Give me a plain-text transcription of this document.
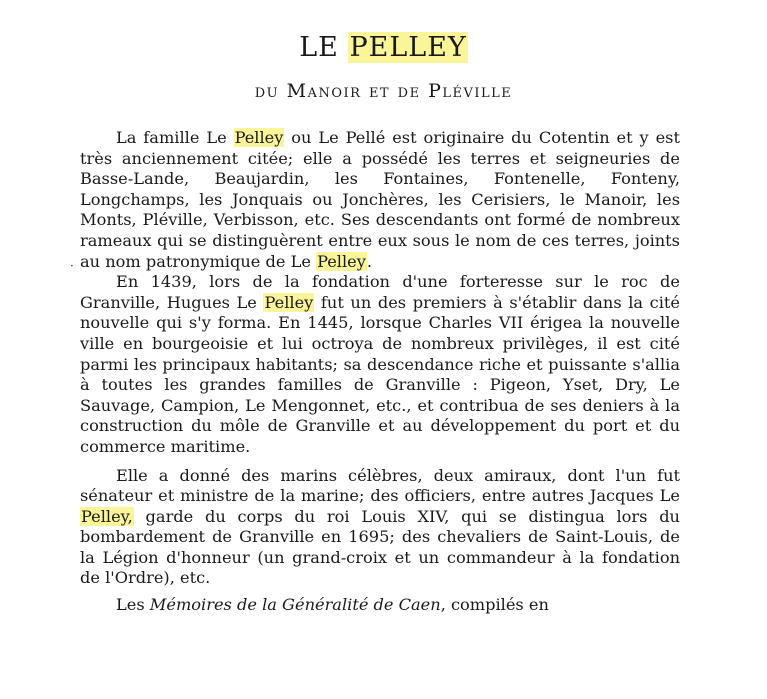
LE PELLEY
du Manoir et de Pléville
·

La famille Le Pelley ou Le Pellé est originaire du Cotentin et y est très anciennement citée; elle a possédé les terres et seigneuries de Basse-Lande, Beaujardin, les Fontaines, Fontenelle, Fonteny, Longchamps, les Jonquais ou Jonchères, les Cerisiers, le Manoir, les Monts, Pléville, Verbisson, etc. Ses descendants ont formé de nombreux rameaux qui se distinguèrent entre eux sous le nom de ces terres, joints au nom patronymique de Le Pelley.

En 1439, lors de la fondation d'une forteresse sur le roc de Granville, Hugues Le Pelley fut un des premiers à s'établir dans la cité nouvelle qui s'y forma. En 1445, lorsque Charles VII érigea la nouvelle ville en bourgeoisie et lui octroya de nombreux privilèges, il est cité parmi les principaux habitants; sa descendance riche et puissante s'allia à toutes les grandes familles de Granville : Pigeon, Yset, Dry, Le Sauvage, Campion, Le Mengonnet, etc., et contribua de ses deniers à la construction du môle de Granville et au développement du port et du commerce maritime.

Elle a donné des marins célèbres, deux amiraux, dont l'un fut sénateur et ministre de la marine; des officiers, entre autres Jacques Le Pelley, garde du corps du roi Louis XIV, qui se distingua lors du bombardement de Granville en 1695; des chevaliers de Saint-Louis, de la Légion d'honneur (un grand-croix et un commandeur à la fondation de l'Ordre), etc.

Les Mémoires de la Généralité de Caen, compilés en
